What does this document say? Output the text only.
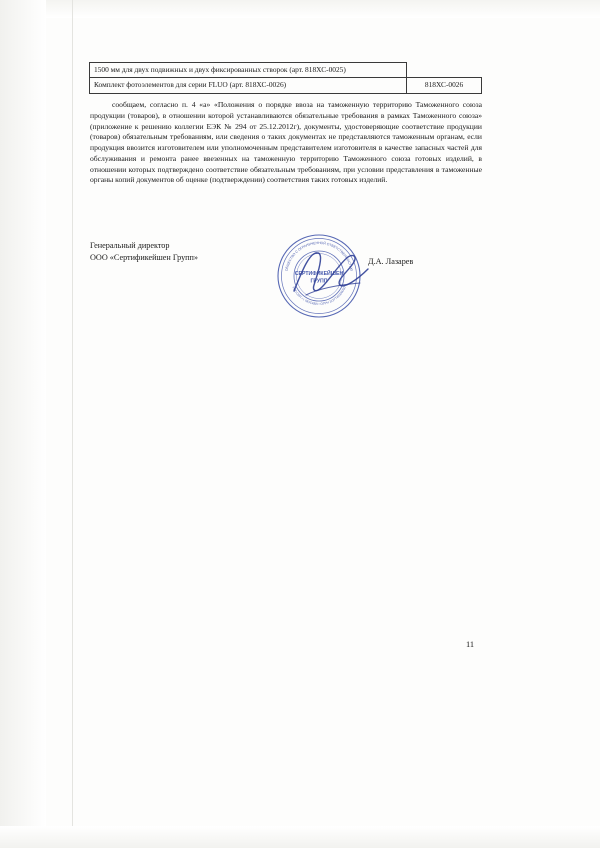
1500 мм для двух подвижных и двух фиксированных створок (арт. 818ХС-0025)	
Комплект фотоэлементов для серии FLUO (арт. 818ХС-0026)	818ХС-0026
сообщаем, согласно п. 4 «а» «Положения о порядке ввоза на таможенную территорию Таможенного союза продукции (товаров), в отношении которой устанавливаются обязательные требования в рамках Таможенного союза» (приложение к решению коллегии ЕЭК № 294 от 25.12.2012г), документы, удостоверяющие соответствие продукции (товаров) обязательным требованиям, или сведения о таких документах не представляются таможенным органам, если продукция ввозится изготовителем или уполномоченным представителем изготовителя в качестве запасных частей для обслуживания и ремонта ранее ввезенных на таможенную территорию Таможенного союза готовых изделий, в отношении которых подтверждено соответствие обязательным требованиям, при условии представления в таможенные органы копий документов об оценке (подтверждении) соответствия таких готовых изделий.
Генеральный директор
ООО «Сертификейшен Групп»	Д.А. Лазарев
ОБЩЕСТВО С ОГРАНИЧЕННОЙ ОТВЕТСТВЕННОСТЬЮ
РОССИЯ • г. МОСКВА • ОГРН 1127746000000
СЕРТИФИКЕЙШЕН
ГРУПП
11
